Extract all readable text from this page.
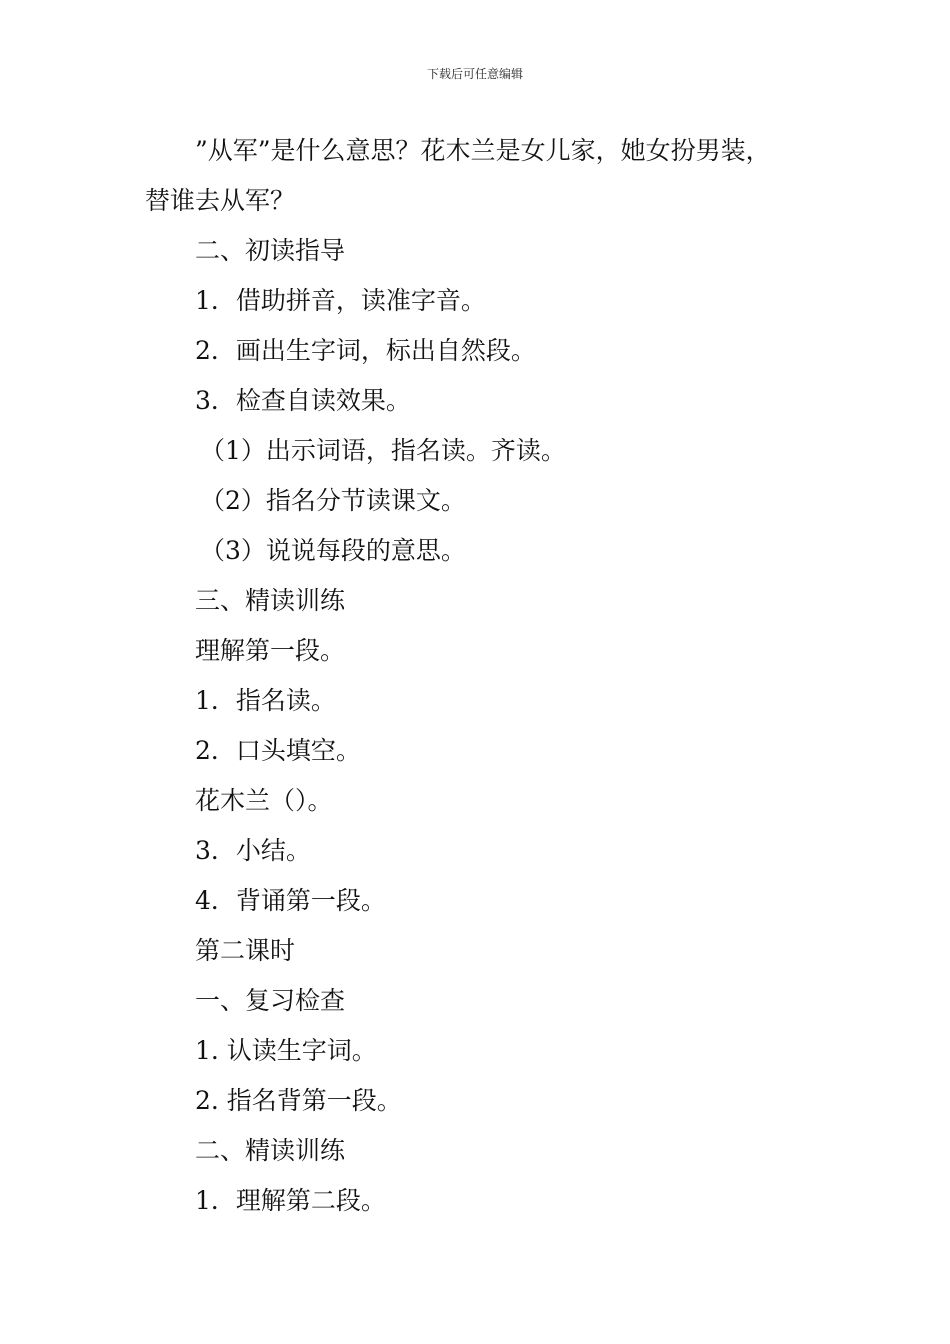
下载后可任意编辑
”从军”是什么意思？花木兰是女儿家，她女扮男装，
替谁去从军？
二、初读指导
1．借助拼音，读准字音。
2．画出生字词，标出自然段。
3．检查自读效果。
（1）出示词语，指名读。齐读。
（2）指名分节读课文。
（3）说说每段的意思。
三、精读训练
理解第一段。
1．指名读。
2．口头填空。
花木兰（）。
3．小结。
4．背诵第一段。
第二课时
一、复习检查
1. 认读生字词。
2. 指名背第一段。
二、精读训练
1．理解第二段。
